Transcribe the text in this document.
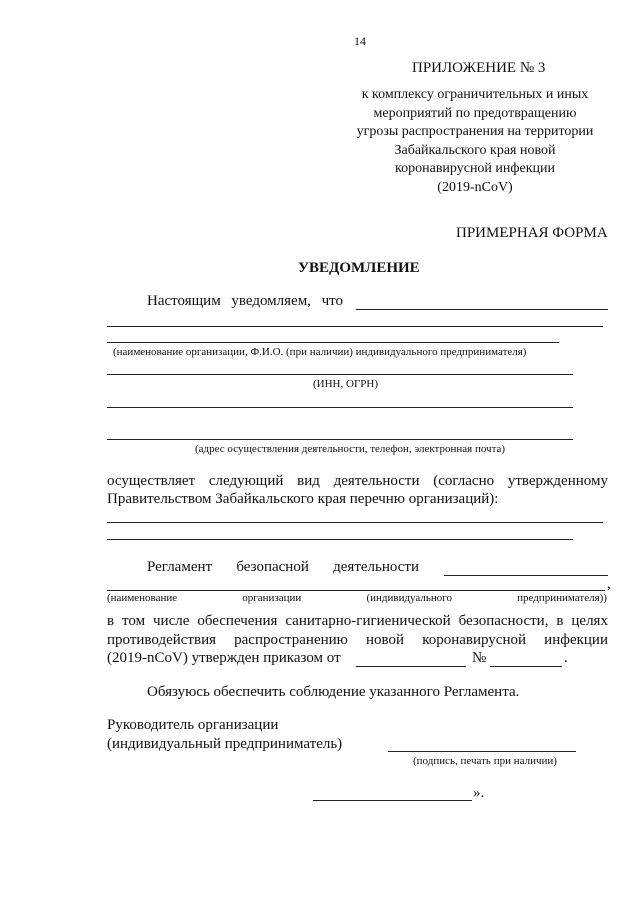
14
ПРИЛОЖЕНИЕ № 3
к комплексу ограничительных и иных
мероприятий по предотвращению
угрозы распространения на территории
Забайкальского края новой
коронавирусной инфекции
(2019-nCoV)
ПРИМЕРНАЯ ФОРМА
УВЕДОМЛЕНИЕ
Настоящим уведомляем, что
(наименование организации, Ф.И.О. (при наличии) индивидуального предпринимателя)
(ИНН, ОГРН)
(адрес осуществления деятельности, телефон, электронная почта)
осуществляет следующий вид деятельности (согласно утвержденному
Правительством Забайкальского края перечню организаций):
Регламент безопасной деятельности
,
(наименование	организации	(индивидуального	предпринимателя))
в том числе обеспечения санитарно-гигиенической безопасности, в целях
противодействия распространению новой коронавирусной инфекции
(2019-nCoV) утвержден приказом от	№	.
Обязуюсь обеспечить соблюдение указанного Регламента.
Руководитель организации
(индивидуальный предприниматель)
(подпись, печать при наличии)
».
